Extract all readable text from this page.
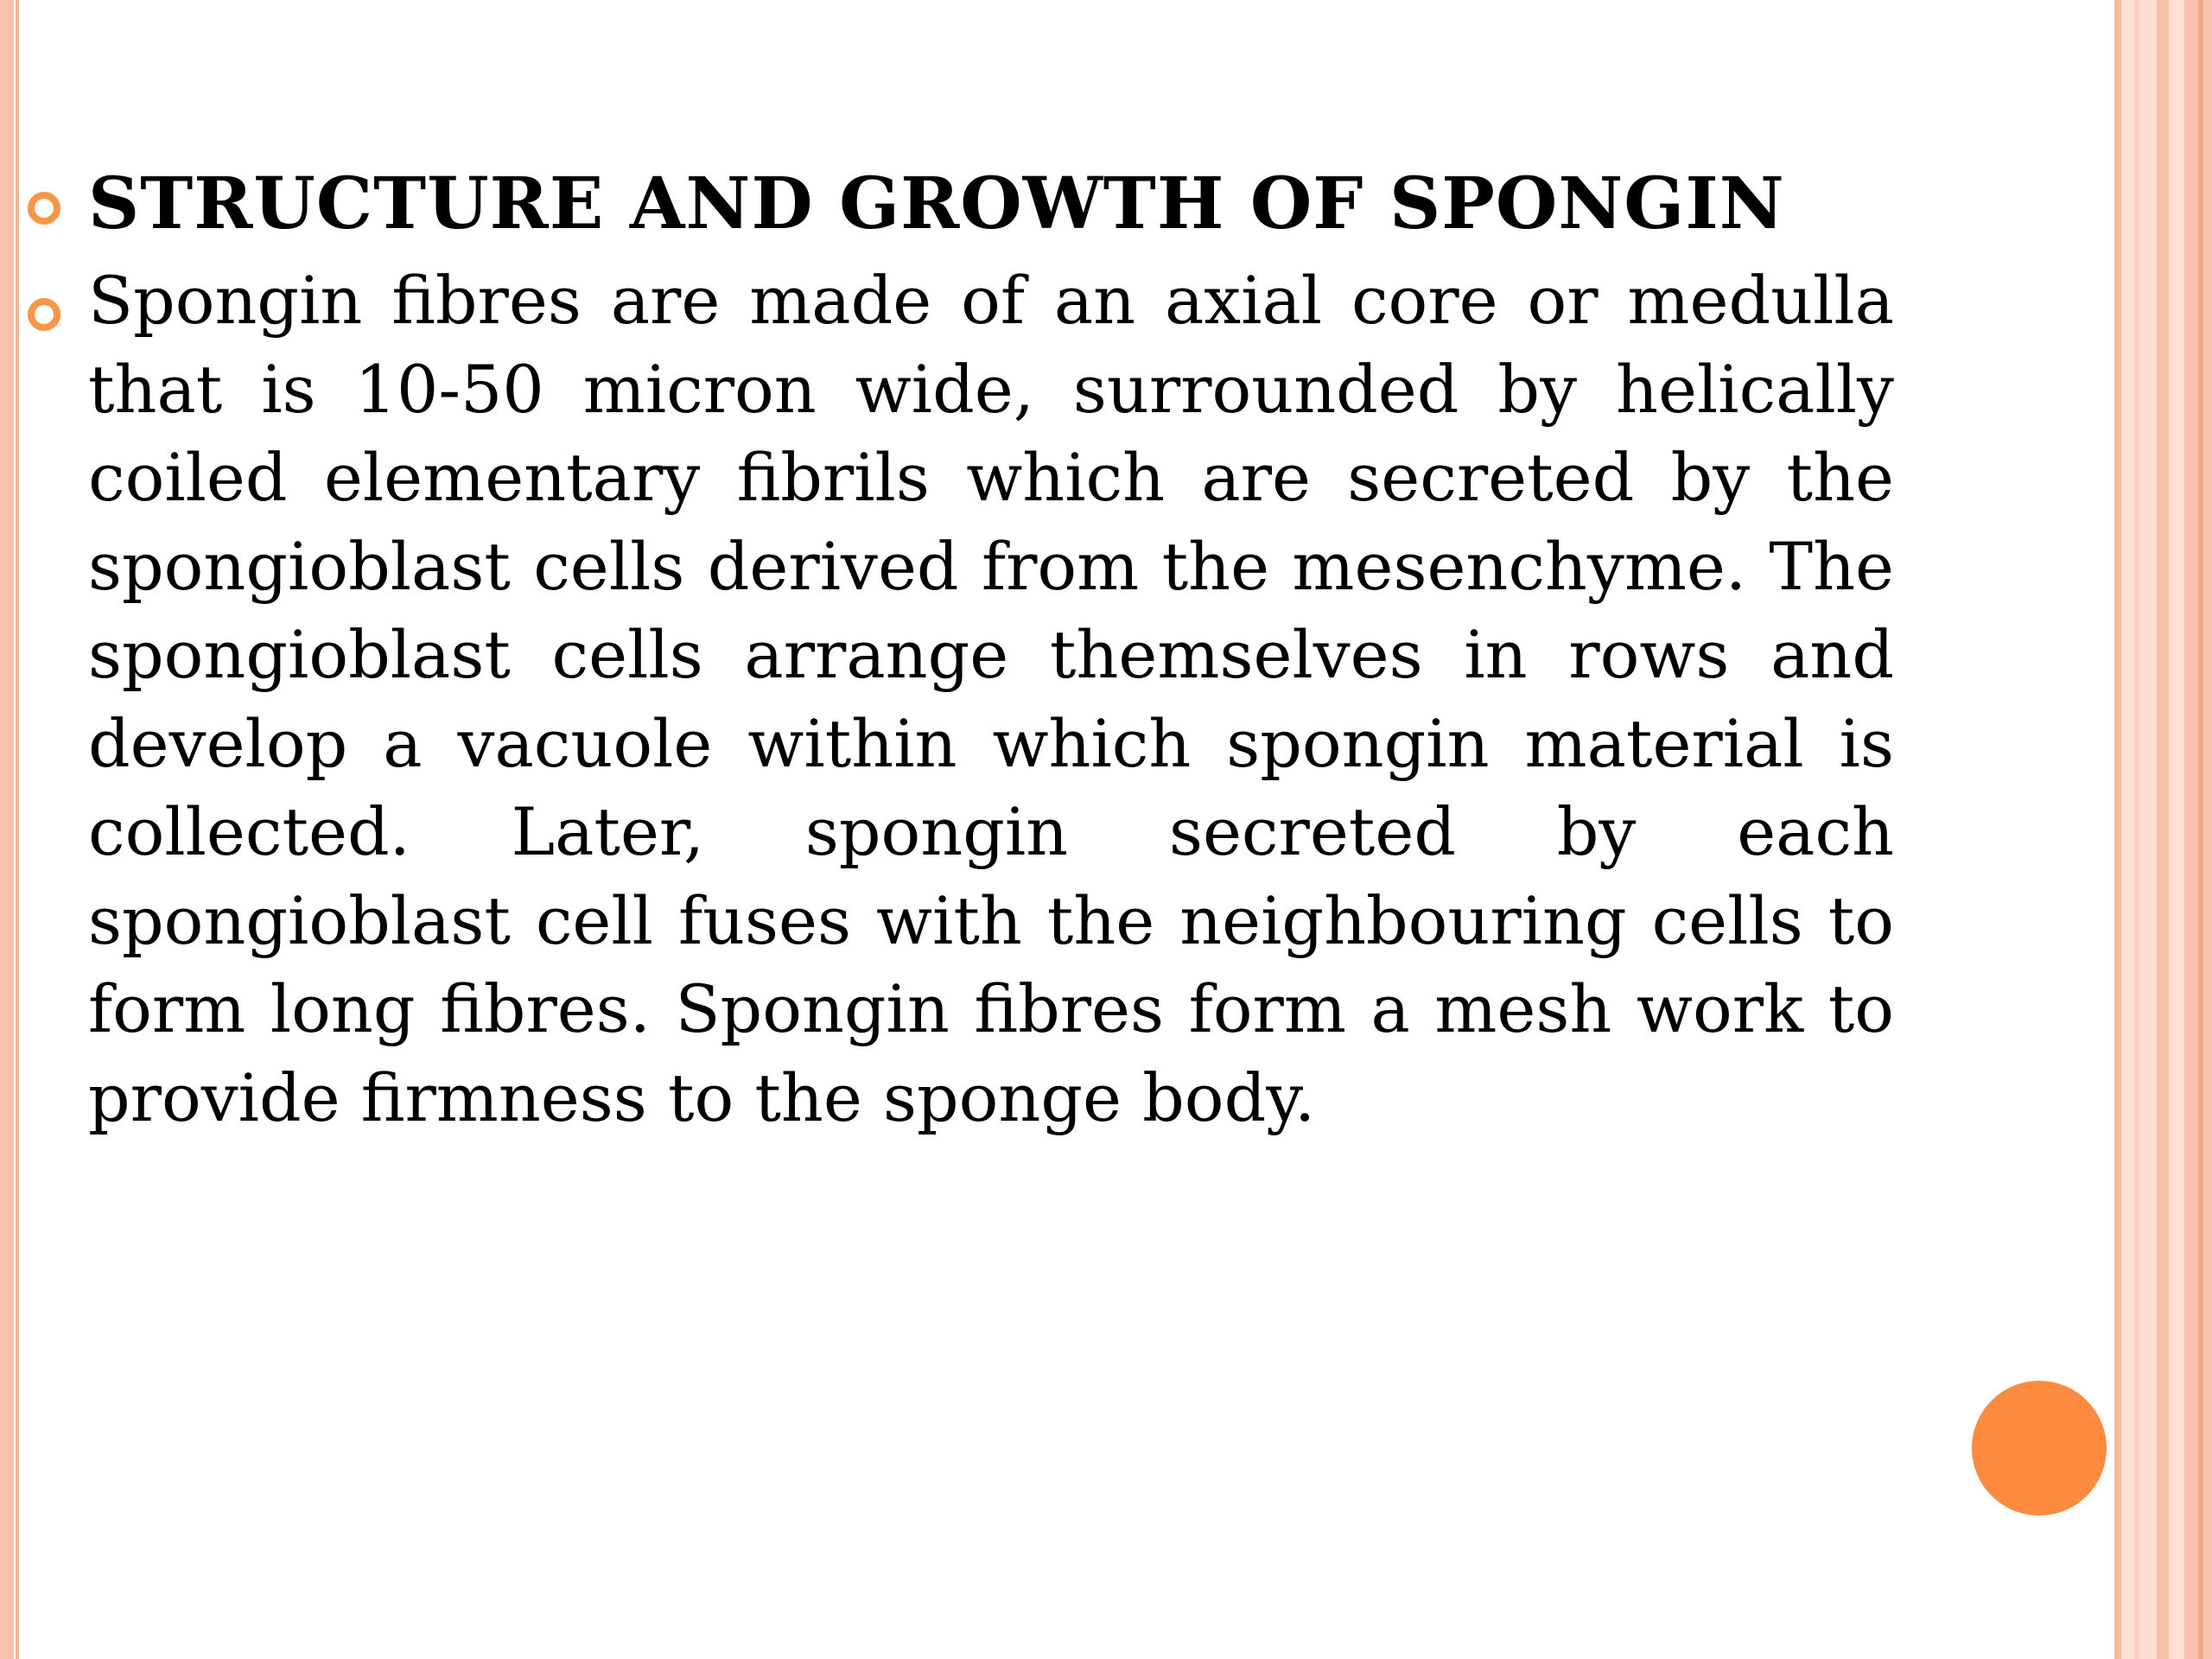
STRUCTURE AND GROWTH OF SPONGIN

Spongin fibres are made of an axial core or medulla that is 10-50 micron wide, surrounded by helically coiled elementary fibrils which are secreted by the spongioblast cells derived from the mesenchyme. The spongioblast cells arrange themselves in rows and develop a vacuole within which spongin material is collected. Later, spongin secreted by each spongioblast cell fuses with the neighbouring cells to form long fibres. Spongin fibres form a mesh work to provide firmness to the sponge body.
